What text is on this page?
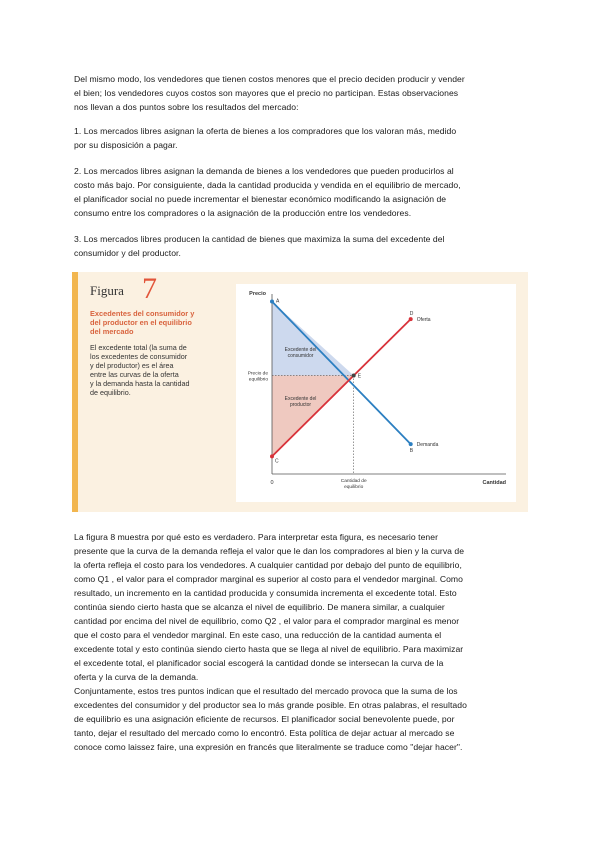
Del mismo modo, los vendedores que tienen costos menores que el precio deciden producir y vender
el bien; los vendedores cuyos costos son mayores que el precio no participan. Estas observaciones
nos llevan a dos puntos sobre los resultados del mercado:

1. Los mercados libres asignan la oferta de bienes a los compradores que los valoran más, medido
por su disposición a pagar.

2. Los mercados libres asignan la demanda de bienes a los vendedores que pueden producirlos al
costo más bajo. Por consiguiente, dada la cantidad producida y vendida en el equilibrio de mercado,
el planificador social no puede incrementar el bienestar económico modificando la asignación de
consumo entre los compradores o la asignación de la producción entre los vendedores.

3. Los mercados libres producen la cantidad de bienes que maximiza la suma del excedente del
consumidor y del productor.

Figura 7
Excedentes del consumidor y
del productor en el equilibrio
del mercado
El excedente total (la suma de
los excedentes de consumidor
y del productor) es el área
entre las curvas de la oferta
y la demanda hasta la cantidad
de equilibrio.
Precio
Cantidad
0
Precio de equilibrio
Cantidad de equilibrio
E
A
B
C
D
Oferta
Demanda
Excedente del consumidor
Excedente del productor

La figura 8 muestra por qué esto es verdadero. Para interpretar esta figura, es necesario tener
presente que la curva de la demanda refleja el valor que le dan los compradores al bien y la curva de
la oferta refleja el costo para los vendedores. A cualquier cantidad por debajo del punto de equilibrio,
como Q1 , el valor para el comprador marginal es superior al costo para el vendedor marginal. Como
resultado, un incremento en la cantidad producida y consumida incrementa el excedente total. Esto
continúa siendo cierto hasta que se alcanza el nivel de equilibrio. De manera similar, a cualquier
cantidad por encima del nivel de equilibrio, como Q2 , el valor para el comprador marginal es menor
que el costo para el vendedor marginal. En este caso, una reducción de la cantidad aumenta el
excedente total y esto continúa siendo cierto hasta que se llega al nivel de equilibrio. Para maximizar
el excedente total, el planificador social escogerá la cantidad donde se intersecan la curva de la
oferta y la curva de la demanda.
Conjuntamente, estos tres puntos indican que el resultado del mercado provoca que la suma de los
excedentes del consumidor y del productor sea lo más grande posible. En otras palabras, el resultado
de equilibrio es una asignación eficiente de recursos. El planificador social benevolente puede, por
tanto, dejar el resultado del mercado como lo encontró. Esta política de dejar actuar al mercado se
conoce como laissez faire, una expresión en francés que literalmente se traduce como "dejar hacer".
